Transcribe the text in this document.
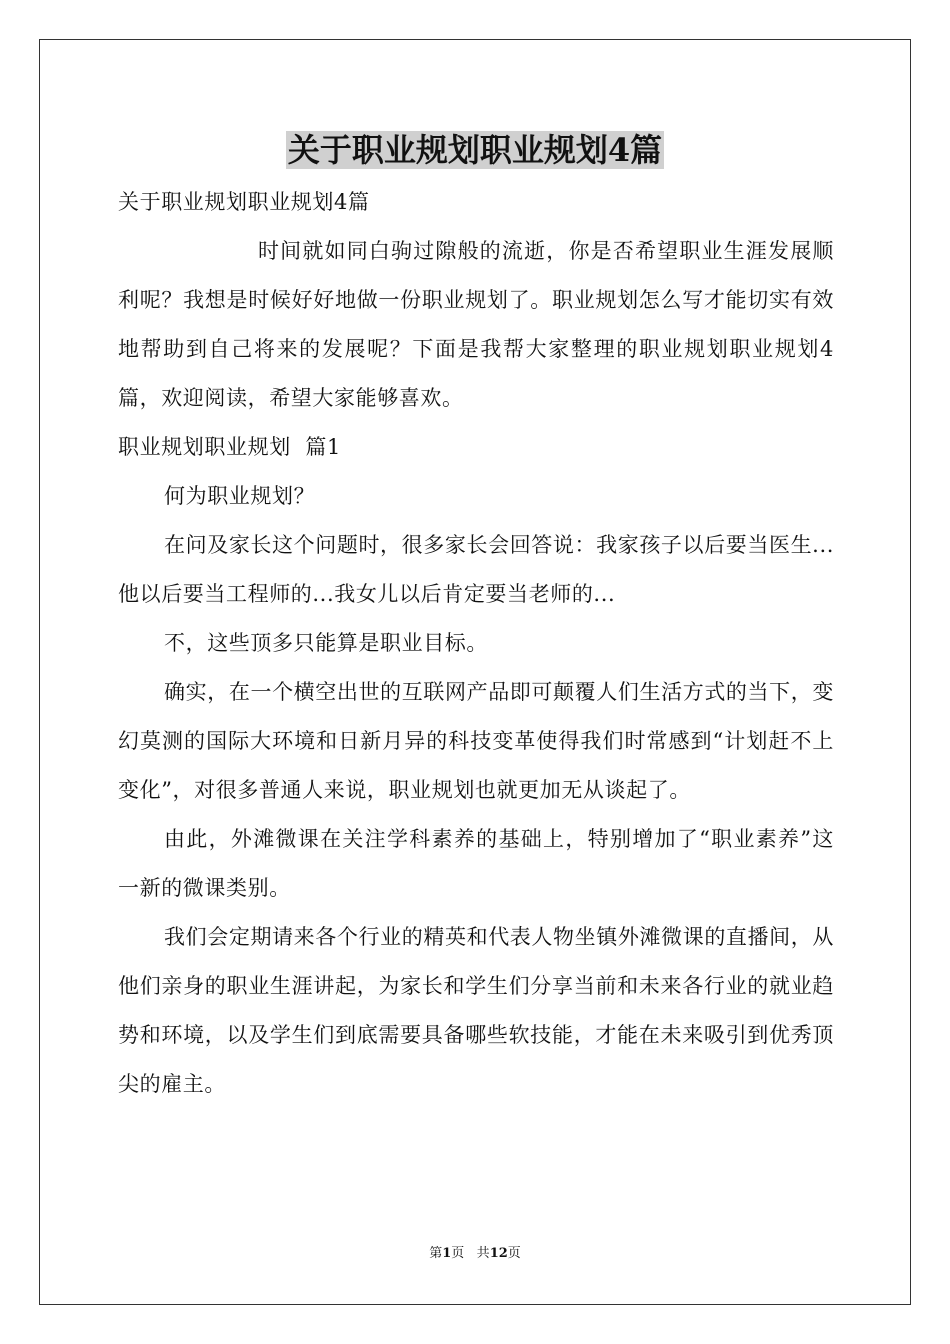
关于职业规划职业规划4篇

关于职业规划职业规划4篇

时间就如同白驹过隙般的流逝，你是否希望职业生涯发展顺利呢？我想是时候好好地做一份职业规划了。职业规划怎么写才能切实有效地帮助到自己将来的发展呢？下面是我帮大家整理的职业规划职业规划4篇，欢迎阅读，希望大家能够喜欢。

职业规划职业规划  篇1

何为职业规划？

在问及家长这个问题时，很多家长会回答说：我家孩子以后要当医生...他以后要当工程师的...我女儿以后肯定要当老师的...

不，这些顶多只能算是职业目标。

确实，在一个横空出世的互联网产品即可颠覆人们生活方式的当下，变幻莫测的国际大环境和日新月异的科技变革使得我们时常感到“计划赶不上变化”，对很多普通人来说，职业规划也就更加无从谈起了。

由此，外滩微课在关注学科素养的基础上，特别增加了“职业素养”这一新的微课类别。

我们会定期请来各个行业的精英和代表人物坐镇外滩微课的直播间，从他们亲身的职业生涯讲起，为家长和学生们分享当前和未来各行业的就业趋势和环境，以及学生们到底需要具备哪些软技能，才能在未来吸引到优秀顶尖的雇主。

第1页 共12页
